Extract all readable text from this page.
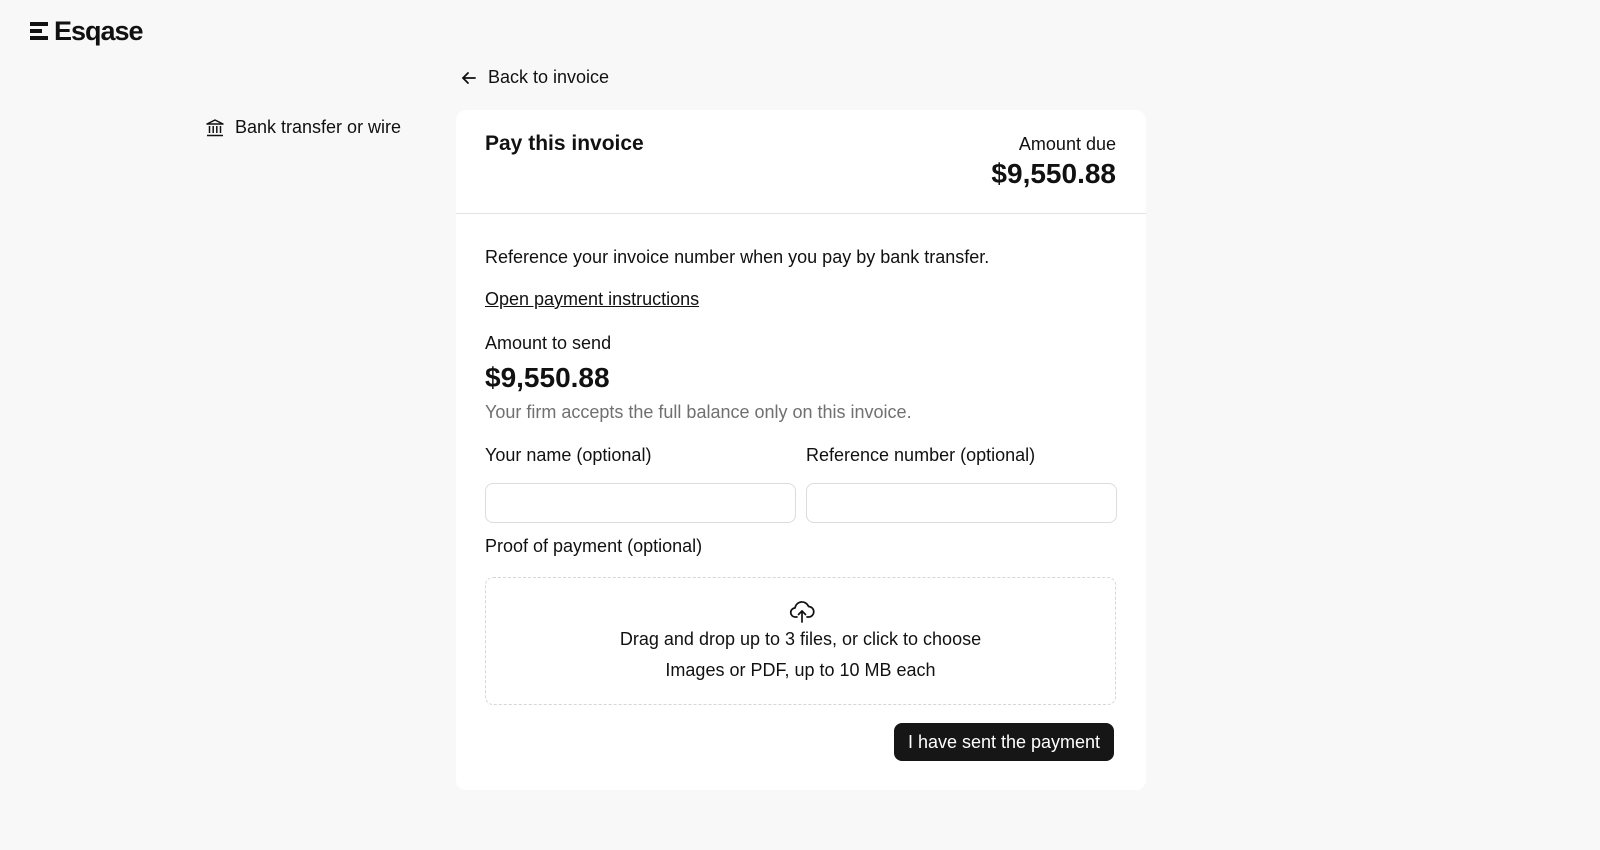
Esqase
Back to invoice
Bank transfer or wire
Pay this invoice	Amount due
$9,550.88
Reference your invoice number when you pay by bank transfer.
Open payment instructions
Amount to send
$9,550.88
Your firm accepts the full balance only on this invoice.
Your name (optional)	Reference number (optional)
Proof of payment (optional)
Drag and drop up to 3 files, or click to choose
Images or PDF, up to 10 MB each
I have sent the payment
